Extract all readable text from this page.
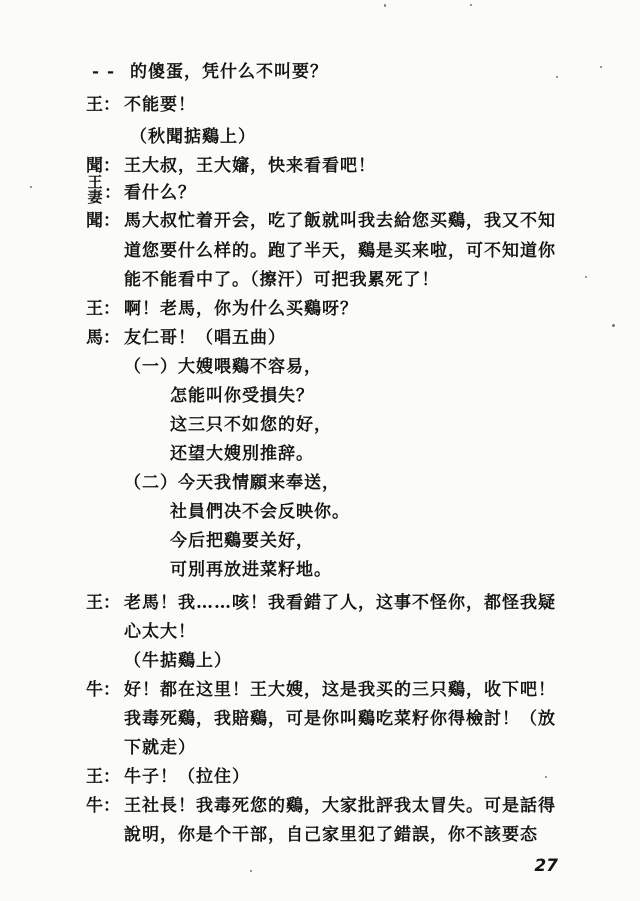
- - 的傻蛋，凭什么不叫要？
王： 不能要！
（秋聞掂鷄上）
聞： 王大叔，王大嬸，快来看看吧！
王
妻 ： 看什么？
聞： 馬大叔忙着开会，吃了飯就叫我去給您买鷄，我又不知
道您要什么样的。跑了半天，鷄是买来啦，可不知道你
能不能看中了。（擦汗）可把我累死了！
王： 啊！老馬，你为什么买鷄呀？
馬： 友仁哥！（唱五曲）
（一）大嫂喂鷄不容易，
怎能叫你受損失？
这三只不如您的好，
还望大嫂別推辞。
（二）今天我情願来奉送，
社員們决不会反映你。
今后把鷄要关好，
可別再放进菜籽地。
王： 老馬！我……咳！我看錯了人，这事不怪你，都怪我疑
心太大！
（牛掂鷄上）
牛： 好！都在这里！王大嫂，这是我买的三只鷄，收下吧！
我毒死鷄，我賠鷄，可是你叫鷄吃菜籽你得檢討！（放
下就走）
王： 牛子！（拉住）
牛： 王社長！我毒死您的鷄，大家批評我太冒失。可是話得
說明，你是个干部，自己家里犯了錯誤，你不該要态
27
